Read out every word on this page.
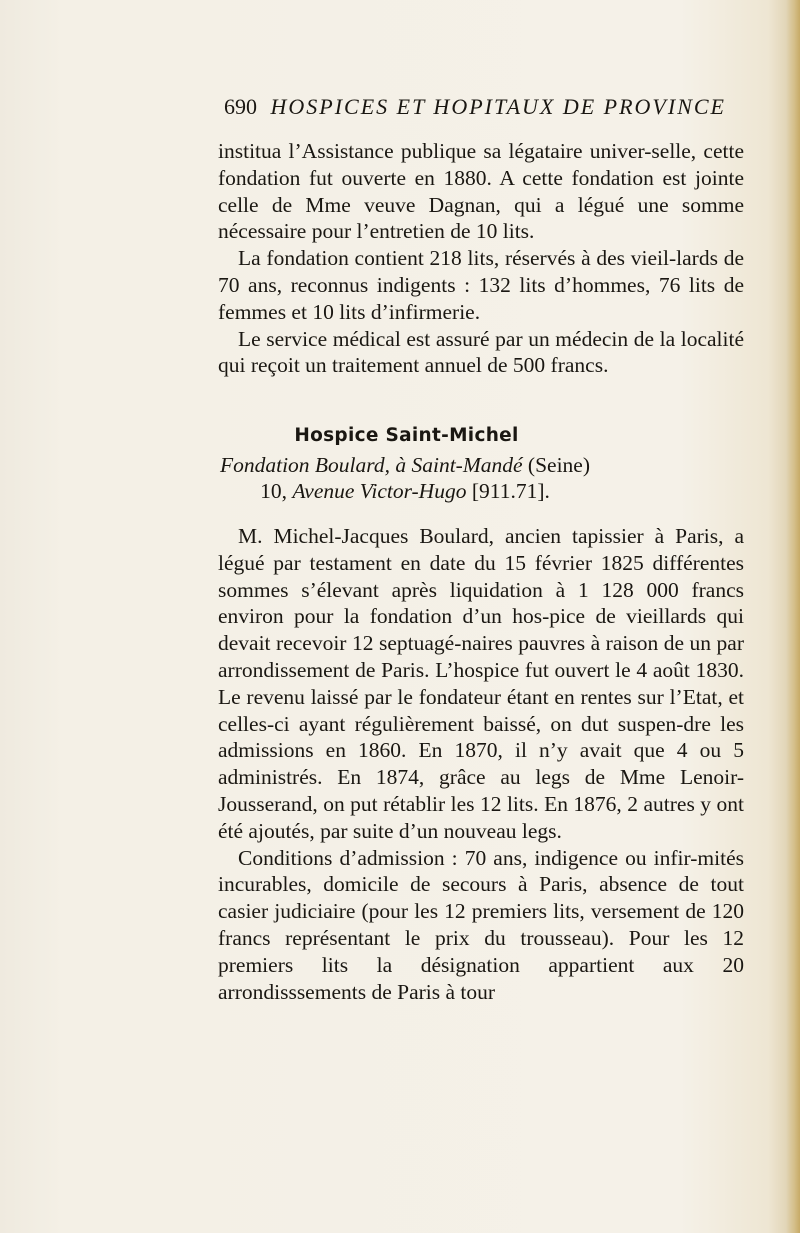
690 HOSPICES ET HOPITAUX DE PROVINCE

institua l’Assistance publique sa légataire univer-selle, cette fondation fut ouverte en 1880. A cette fondation est jointe celle de Mme veuve Dagnan, qui a légué une somme nécessaire pour l’entretien de 10 lits.

La fondation contient 218 lits, réservés à des vieil-lards de 70 ans, reconnus indigents : 132 lits d’hommes, 76 lits de femmes et 10 lits d’infirmerie.

Le service médical est assuré par un médecin de la localité qui reçoit un traitement annuel de 500 francs.

Hospice Saint-Michel
Fondation Boulard, à Saint-Mandé (Seine)
10, Avenue Victor-Hugo [911.71].

M. Michel-Jacques Boulard, ancien tapissier à Paris, a légué par testament en date du 15 février 1825 différentes sommes s’élevant après liquidation à 1 128 000 francs environ pour la fondation d’un hos-pice de vieillards qui devait recevoir 12 septuagé-naires pauvres à raison de un par arrondissement de Paris. L’hospice fut ouvert le 4 août 1830. Le revenu laissé par le fondateur étant en rentes sur l’Etat, et celles-ci ayant régulièrement baissé, on dut suspen-dre les admissions en 1860. En 1870, il n’y avait que 4 ou 5 administrés. En 1874, grâce au legs de Mme Lenoir-Jousserand, on put rétablir les 12 lits. En 1876, 2 autres y ont été ajoutés, par suite d’un nouveau legs.

Conditions d’admission : 70 ans, indigence ou infir-mités incurables, domicile de secours à Paris, absence de tout casier judiciaire (pour les 12 premiers lits, versement de 120 francs représentant le prix du trousseau). Pour les 12 premiers lits la désignation appartient aux 20 arrondisssements de Paris à tour
